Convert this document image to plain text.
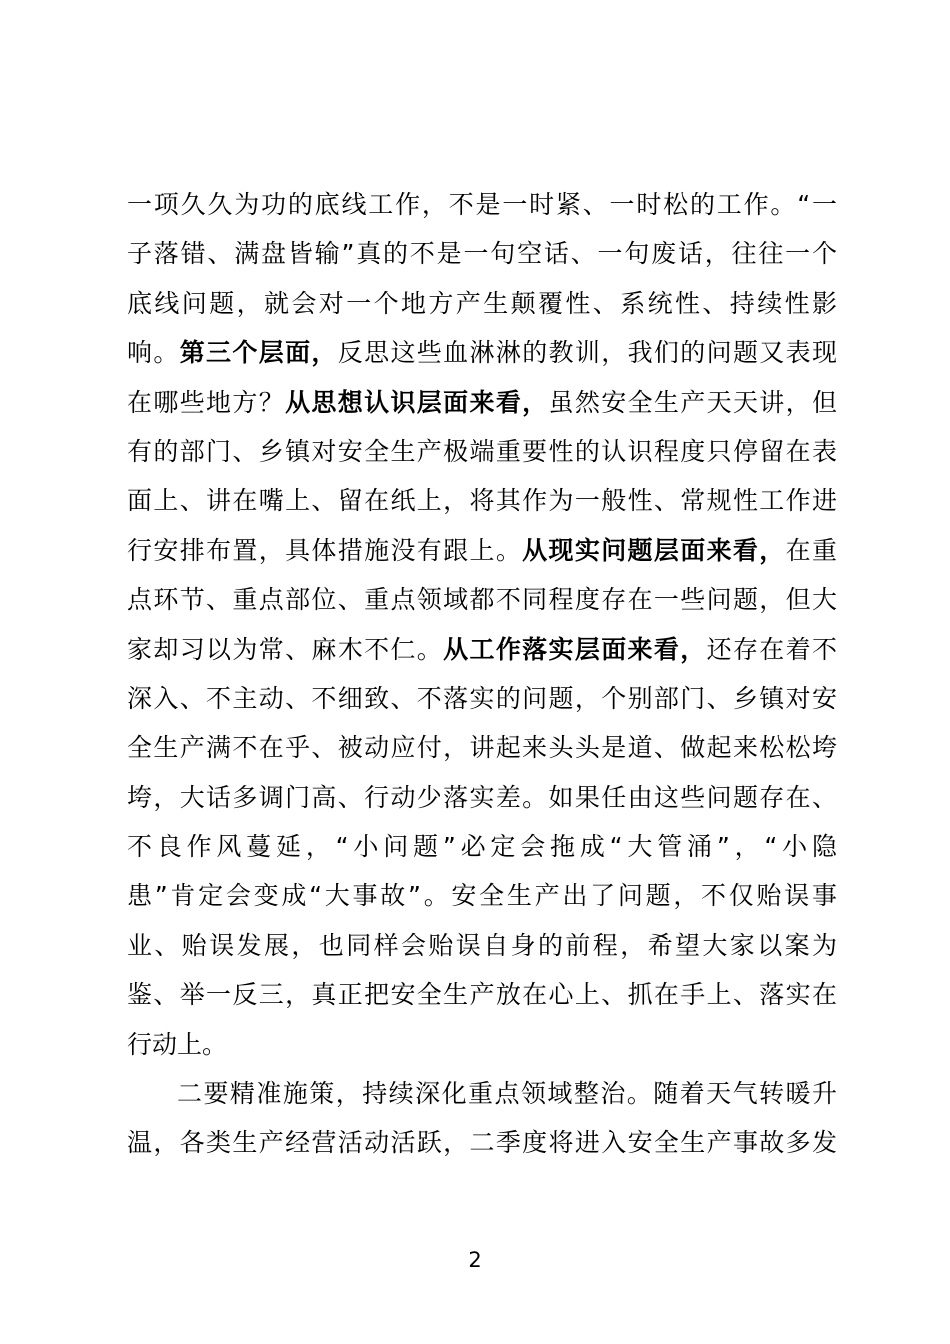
一项久久为功的底线工作，不是一时紧、一时松的工作。“一
子落错、满盘皆输”真的不是一句空话、一句废话，往往一个
底线问题，就会对一个地方产生颠覆性、系统性、持续性影
响。第三个层面，反思这些血淋淋的教训，我们的问题又表现
在哪些地方？从思想认识层面来看，虽然安全生产天天讲，但
有的部门、乡镇对安全生产极端重要性的认识程度只停留在表
面上、讲在嘴上、留在纸上，将其作为一般性、常规性工作进
行安排布置，具体措施没有跟上。从现实问题层面来看，在重
点环节、重点部位、重点领域都不同程度存在一些问题，但大
家却习以为常、麻木不仁。从工作落实层面来看，还存在着不
深入、不主动、不细致、不落实的问题，个别部门、乡镇对安
全生产满不在乎、被动应付，讲起来头头是道、做起来松松垮
垮，大话多调门高、行动少落实差。如果任由这些问题存在、
不良作风蔓延，“小问题”必定会拖成“大管涌”，“小隐
患”肯定会变成“大事故”。安全生产出了问题，不仅贻误事
业、贻误发展，也同样会贻误自身的前程，希望大家以案为
鉴、举一反三，真正把安全生产放在心上、抓在手上、落实在
行动上。
二要精准施策，持续深化重点领域整治。随着天气转暖升
温，各类生产经营活动活跃，二季度将进入安全生产事故多发
2
